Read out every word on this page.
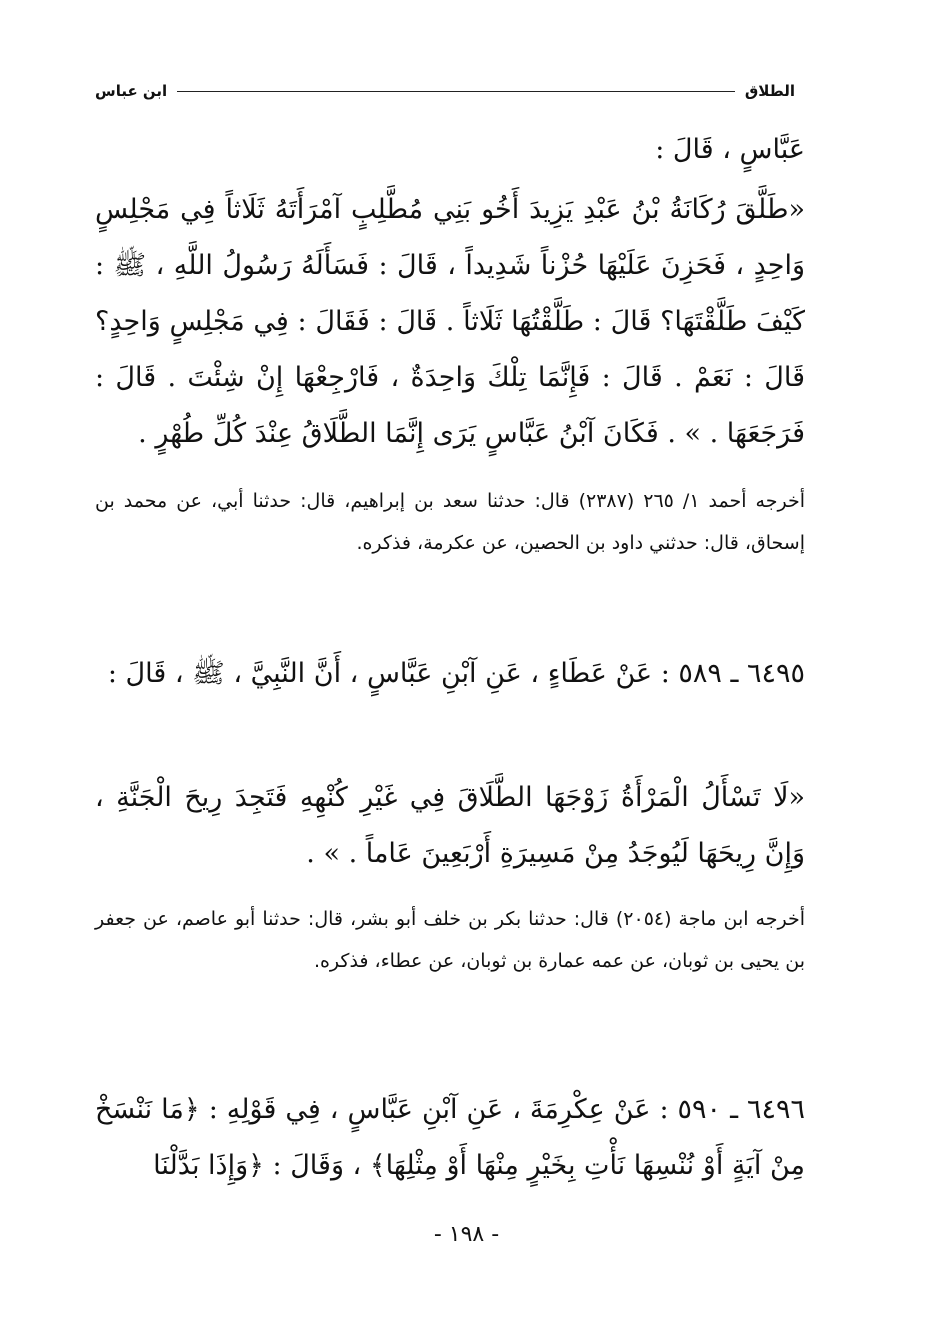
الطلاق
ابن عباس

عَبَّاسٍ ، قَالَ :

«طَلَّقَ رُكَانَةُ بْنُ عَبْدِ يَزِيدَ أَخُو بَنِي مُطَّلِبٍ آمْرَأَتَهُ ثَلَاثاً فِي مَجْلِسٍ وَاحِدٍ ، فَحَزِنَ عَلَيْهَا حُزْناً شَدِيداً ، قَالَ : فَسَأَلَهُ رَسُولُ اللَّهِ ، ﷺ : كَيْفَ طَلَّقْتَهَا؟ قَالَ : طَلَّقْتُهَا ثَلَاثاً . قَالَ : فَقَالَ : فِي مَجْلِسٍ وَاحِدٍ؟ قَالَ : نَعَمْ . قَالَ : فَإِنَّمَا تِلْكَ وَاحِدَةٌ ، فَارْجِعْهَا إِنْ شِئْتَ . قَالَ : فَرَجَعَهَا . » . فَكَانَ آبْنُ عَبَّاسٍ يَرَى إِنَّمَا الطَّلَاقُ عِنْدَ كُلِّ طُهْرٍ .

أخرجه أحمد ١/ ٢٦٥ (٢٣٨٧) قال: حدثنا سعد بن إبراهيم، قال: حدثنا أبي، عن محمد بن إسحاق، قال: حدثني داود بن الحصين، عن عكرمة، فذكره.

٦٤٩٥ ـ ٥٨٩ : عَنْ عَطَاءٍ ، عَنِ آبْنِ عَبَّاسٍ ، أَنَّ النَّبِيَّ ، ﷺ ، قَالَ :

«لَا تَسْأَلُ الْمَرْأَةُ زَوْجَهَا الطَّلَاقَ فِي غَيْرِ كُنْهِهِ فَتَجِدَ رِيحَ الْجَنَّةِ ، وَإِنَّ رِيحَهَا لَيُوجَدُ مِنْ مَسِيرَةِ أَرْبَعِينَ عَاماً . » .

أخرجه ابن ماجة (٢٠٥٤) قال: حدثنا بكر بن خلف أبو بشر، قال: حدثنا أبو عاصم، عن جعفر بن يحيى بن ثوبان، عن عمه عمارة بن ثوبان، عن عطاء، فذكره.

٦٤٩٦ ـ ٥٩٠ : عَنْ عِكْرِمَةَ ، عَنِ آبْنِ عَبَّاسٍ ، فِي قَوْلِهِ : ﴿مَا نَنْسَخْ مِنْ آيَةٍ أَوْ نُنْسِهَا نَأْتِ بِخَيْرٍ مِنْهَا أَوْ مِثْلِهَا﴾ ، وَقَالَ : ﴿وَإِذَا بَدَّلْنَا

- ١٩٨ -
